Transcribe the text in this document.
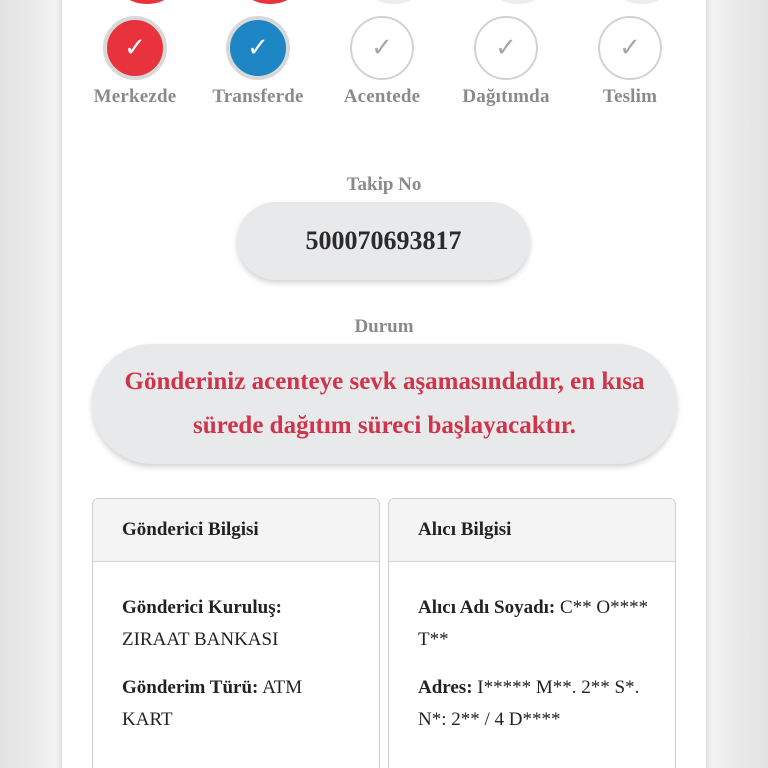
✓
Merkezde
✓
Transferde
✓
Acentede
✓
Dağıtımda
✓
Teslim
Takip No
500070693817
Durum
Gönderiniz acenteye sevk aşamasındadır, en kısa sürede dağıtım süreci başlayacaktır.
Gönderici Bilgisi
Gönderici Kuruluş:
ZIRAAT BANKASI
Gönderim Türü: ATM KART
Alıcı Bilgisi
Alıcı Adı Soyadı: C** O**** T**
Adres: I***** M**. 2** S*. N*: 2** / 4 D****
